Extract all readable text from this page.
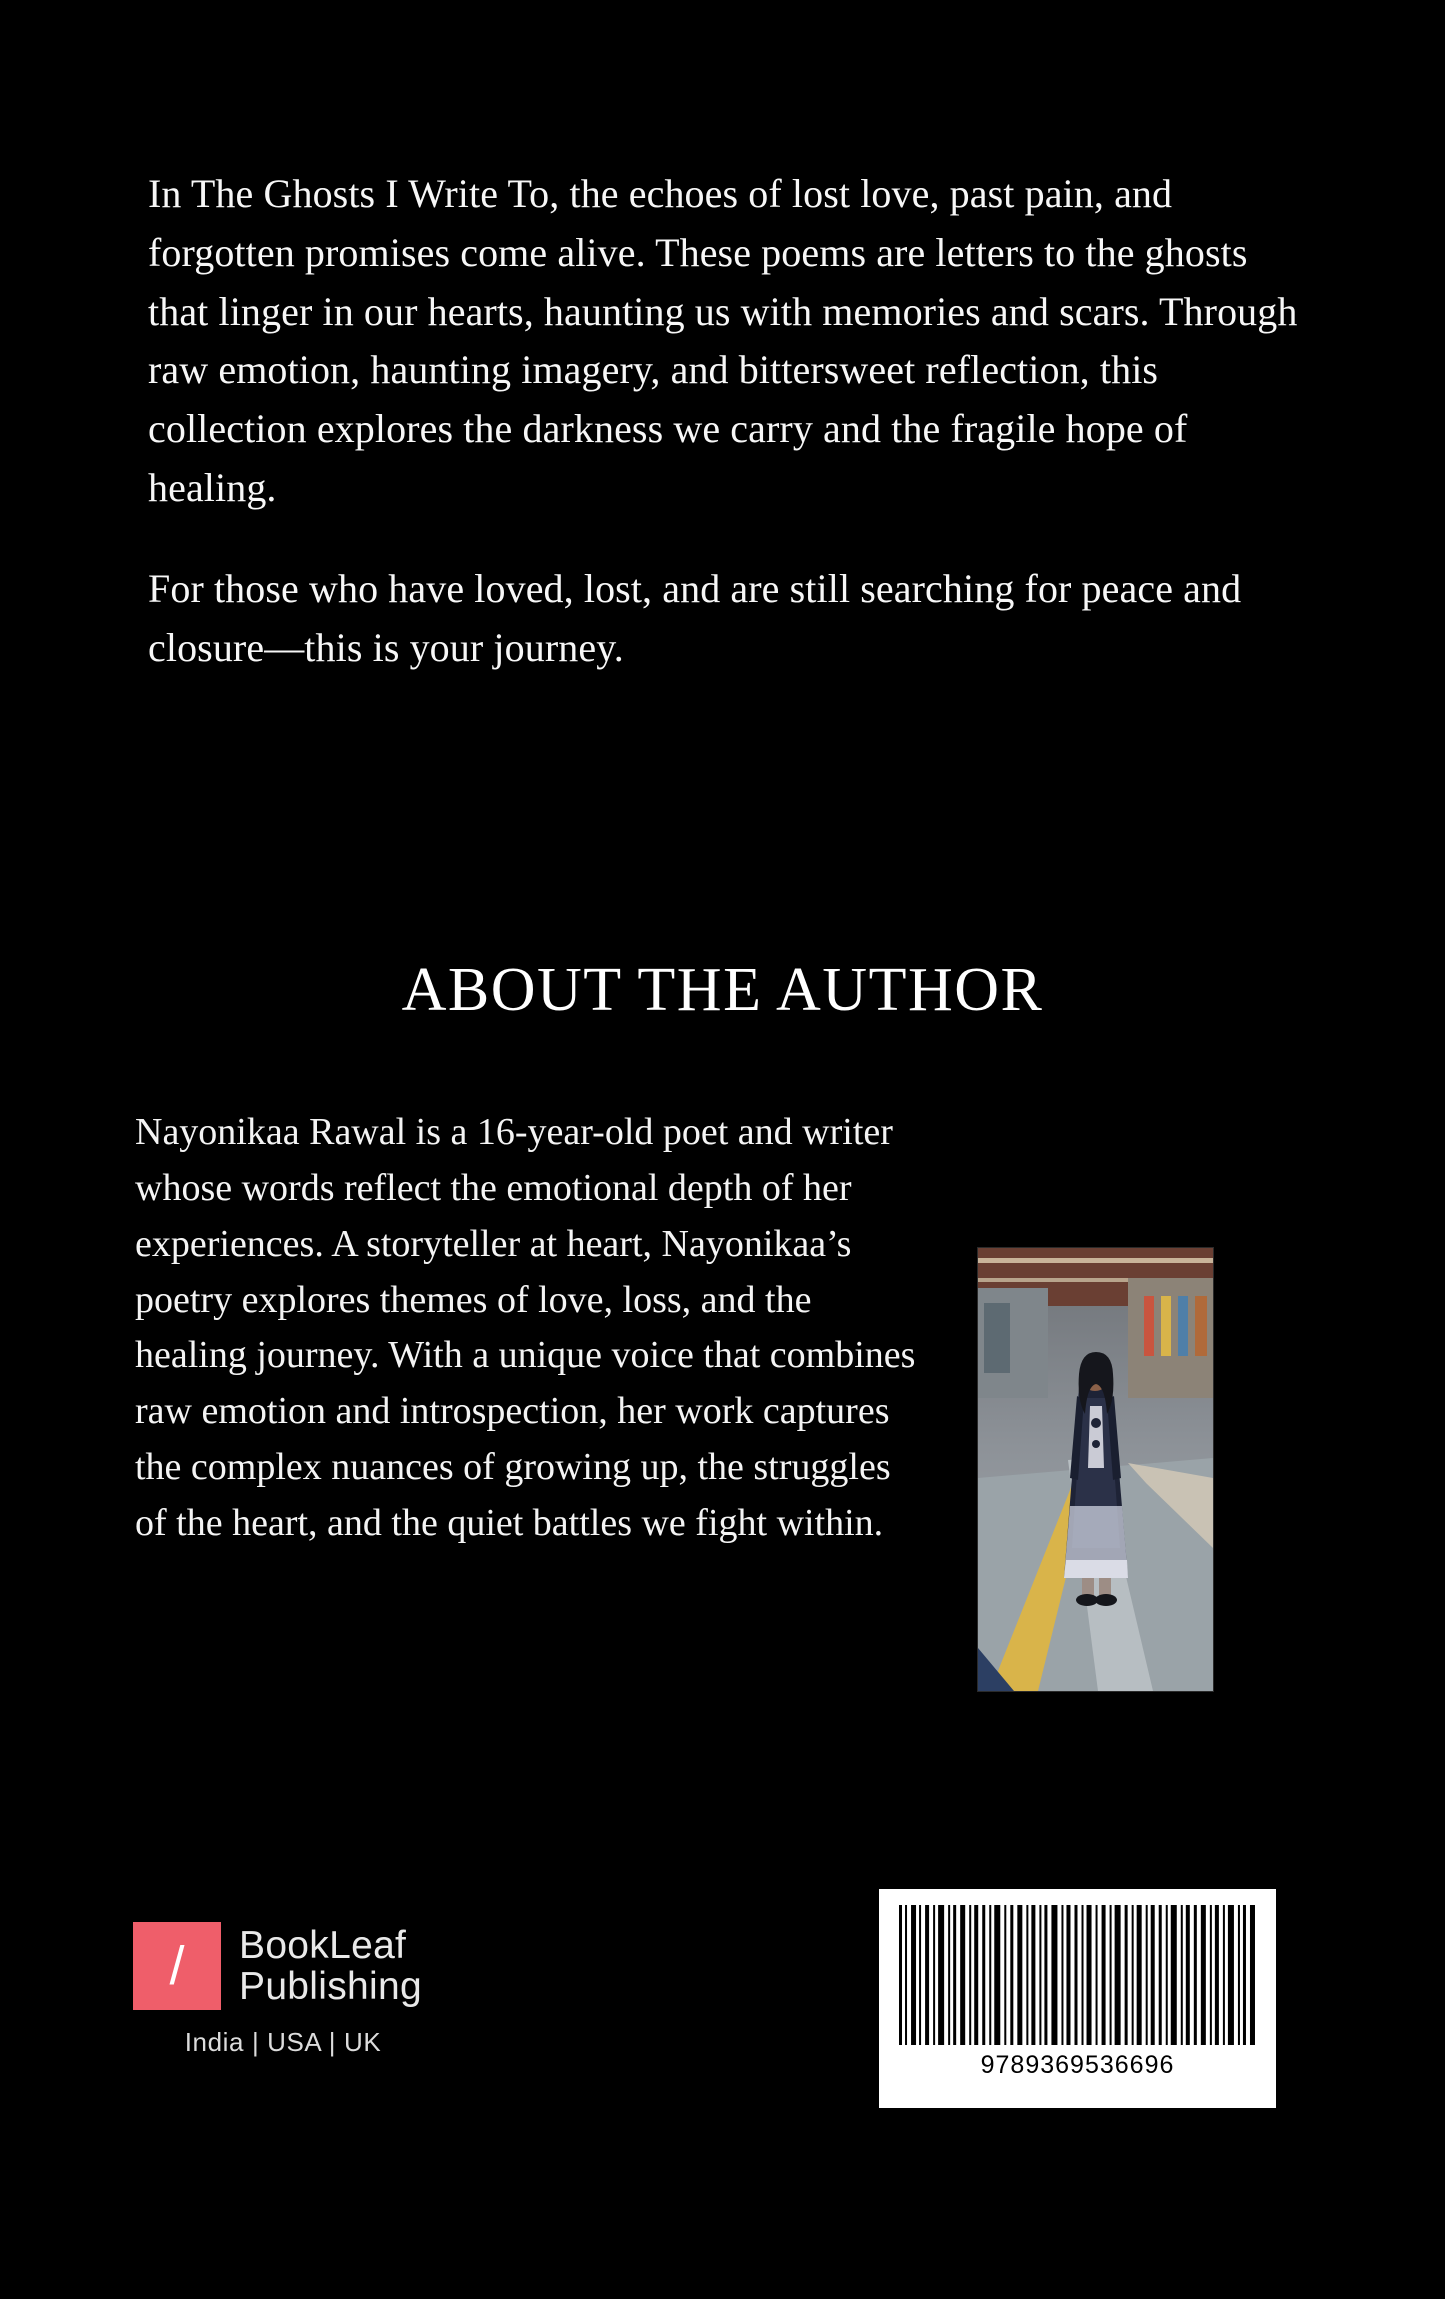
In The Ghosts I Write To, the echoes of lost love, past pain, and forgotten promises come alive. These poems are letters to the ghosts that linger in our hearts, haunting us with memories and scars. Through raw emotion, haunting imagery, and bittersweet reflection, this collection explores the darkness we carry and the fragile hope of healing.

For those who have loved, lost, and are still searching for peace and closure—this is your journey.

ABOUT THE AUTHOR

Nayonikaa Rawal is a 16-year-old poet and writer whose words reflect the emotional depth of her experiences. A storyteller at heart, Nayonikaa’s poetry explores themes of love, loss, and the healing journey. With a unique voice that combines raw emotion and introspection, her work captures the complex nuances of growing up, the struggles of the heart, and the quiet battles we fight within.

/ BookLeaf
Publishing
India | USA | UK
9789369536696
